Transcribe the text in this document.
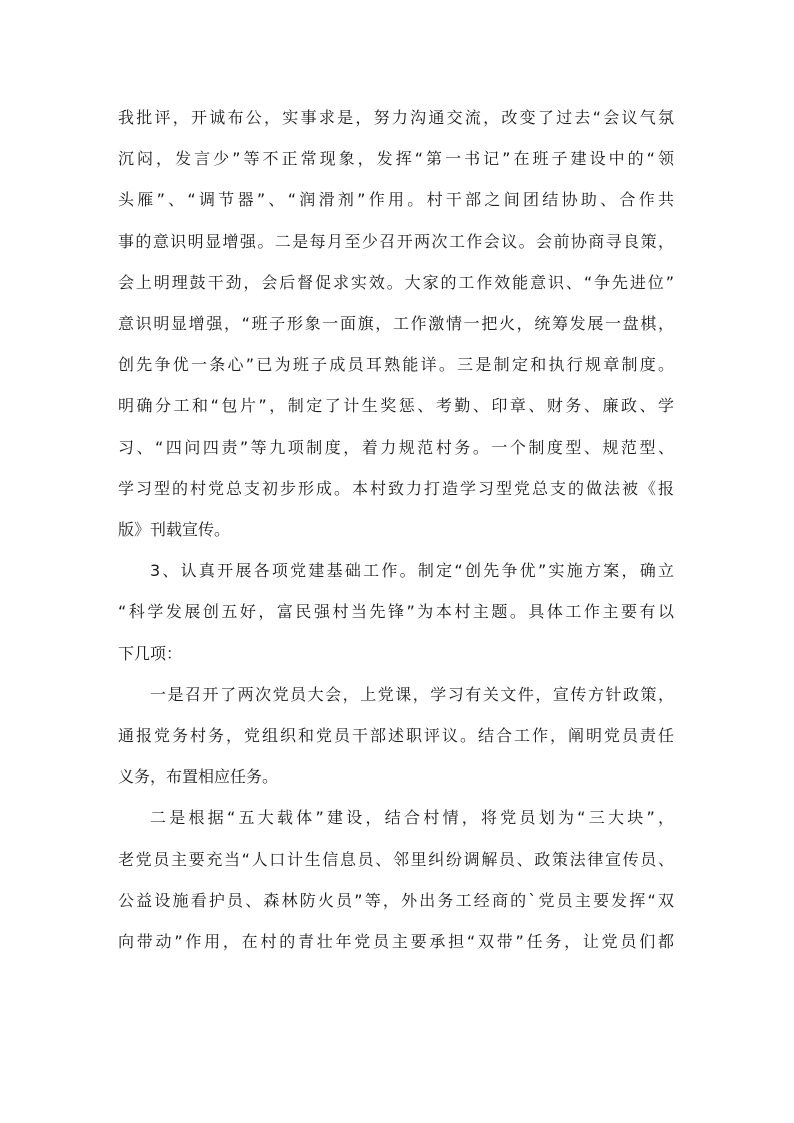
我批评，开诚布公，实事求是，努力沟通交流，改变了过去“会议气氛
沉闷，发言少”等不正常现象，发挥“第一书记”在班子建设中的“领
头雁”、“调节器”、“润滑剂”作用。村干部之间团结协助、合作共
事的意识明显增强。二是每月至少召开两次工作会议。会前协商寻良策，
会上明理鼓干劲，会后督促求实效。大家的工作效能意识、“争先进位”
意识明显增强，“班子形象一面旗，工作激情一把火，统筹发展一盘棋，
创先争优一条心”已为班子成员耳熟能详。三是制定和执行规章制度。
明确分工和“包片”，制定了计生奖惩、考勤、印章、财务、廉政、学
习、“四问四责”等九项制度，着力规范村务。一个制度型、规范型、
学习型的村党总支初步形成。本村致力打造学习型党总支的做法被《报
版》刊载宣传。
3、认真开展各项党建基础工作。制定“创先争优”实施方案，确立
“科学发展创五好，富民强村当先锋”为本村主题。具体工作主要有以
下几项：
一是召开了两次党员大会，上党课，学习有关文件，宣传方针政策，
通报党务村务，党组织和党员干部述职评议。结合工作，阐明党员责任
义务，布置相应任务。
二是根据“五大载体”建设，结合村情，将党员划为“三大块”，
老党员主要充当“人口计生信息员、邻里纠纷调解员、政策法律宣传员、
公益设施看护员、森林防火员”等，外出务工经商的`党员主要发挥“双
向带动”作用，在村的青壮年党员主要承担“双带”任务，让党员们都
